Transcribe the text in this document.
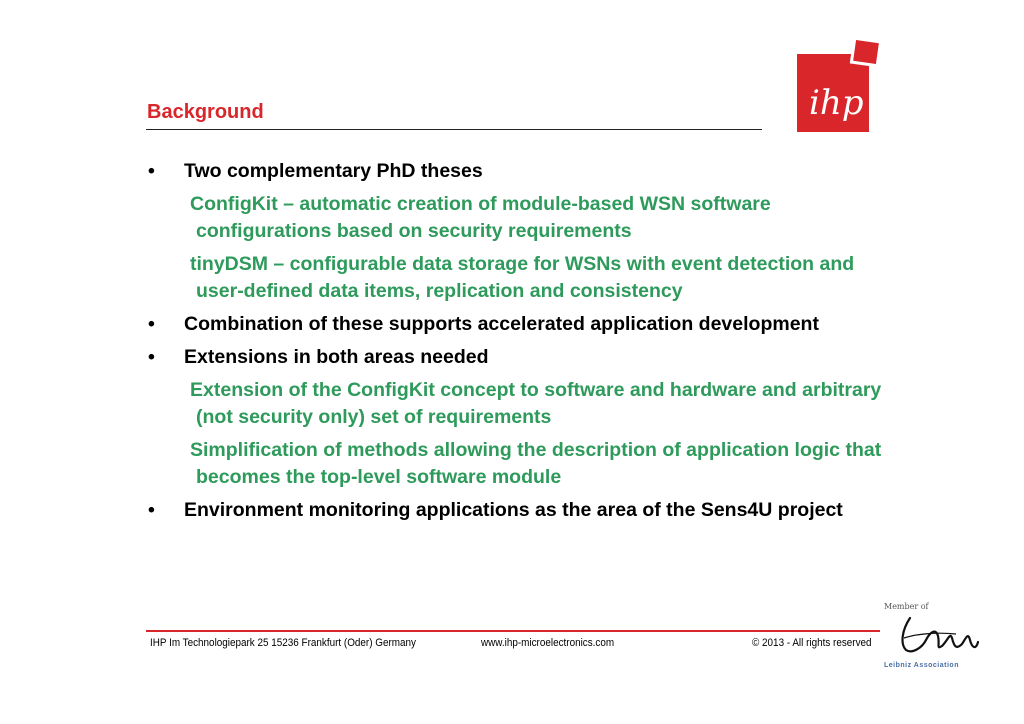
Background	ihp
• Two complementary PhD theses
ConfigKit – automatic creation of module-based WSN software configurations based on security requirements
tinyDSM – configurable data storage for WSNs with event detection and user-defined data items, replication and consistency
• Combination of these supports accelerated application development
• Extensions in both areas needed
Extension of the ConfigKit concept to software and hardware and arbitrary (not security only) set of requirements
Simplification of methods allowing the description of application logic that becomes the top-level software module
• Environment monitoring applications as the area of the Sens4U project
IHP Im Technologiepark 25 15236 Frankfurt (Oder) Germany	www.ihp-microelectronics.com	© 2013 - All rights reserved
Member of
Leibniz Association
